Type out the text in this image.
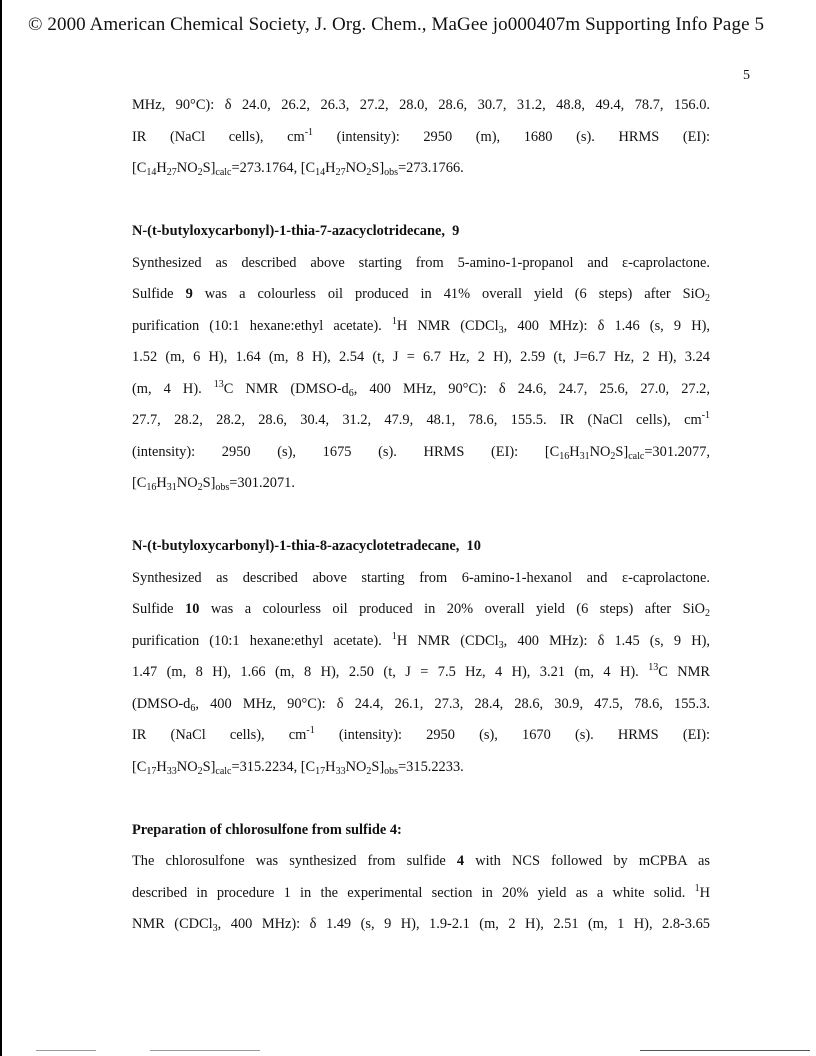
© 2000 American Chemical Society, J. Org. Chem., MaGee jo000407m Supporting Info Page 5
5
MHz, 90°C): δ 24.0, 26.2, 26.3, 27.2, 28.0, 28.6, 30.7, 31.2, 48.8, 49.4, 78.7, 156.0.
IR (NaCl cells), $cm^{-1}$ (intensity): 2950 (m), 1680 (s). HRMS (EI):
$[C_{14}H_{27}NO_2S]_{calc}=273.1764$, $[C_{14}H_{27}NO_2S]_{obs}=273.1766$.
N-(t-butyloxycarbonyl)-1-thia-7-azacyclotridecane, 9
Synthesized as described above starting from 5-amino-1-propanol and ε-caprolactone.
Sulfide 9 was a colourless oil produced in 41% overall yield (6 steps) after SiO$_2$
purification (10:1 hexane:ethyl acetate). $^1$H NMR (CDCl$_3$, 400 MHz): δ 1.46 (s, 9 H),
1.52 (m, 6 H), 1.64 (m, 8 H), 2.54 (t, J = 6.7 Hz, 2 H), 2.59 (t, J=6.7 Hz, 2 H), 3.24
(m, 4 H). $^{13}$C NMR ($DMSO-d_6$, 400 MHz, 90°C): δ 24.6, 24.7, 25.6, 27.0, 27.2,
27.7, 28.2, 28.2, 28.6, 30.4, 31.2, 47.9, 48.1, 78.6, 155.5. IR (NaCl cells), $cm^{-1}$
(intensity): 2950 (s), 1675 (s). HRMS (EI): $[C_{16}H_{31}NO_2S]_{calc}=301.2077$,
$[C_{16}H_{31}NO_2S]_{obs}=301.2071$.
N-(t-butyloxycarbonyl)-1-thia-8-azacyclotetradecane, 10
Synthesized as described above starting from 6-amino-1-hexanol and ε-caprolactone.
Sulfide 10 was a colourless oil produced in 20% overall yield (6 steps) after SiO$_2$
purification (10:1 hexane:ethyl acetate). $^1$H NMR (CDCl$_3$, 400 MHz): δ 1.45 (s, 9 H),
1.47 (m, 8 H), 1.66 (m, 8 H), 2.50 (t, J = 7.5 Hz, 4 H), 3.21 (m, 4 H). $^{13}$C NMR
($DMSO-d_6$, 400 MHz, 90°C): δ 24.4, 26.1, 27.3, 28.4, 28.6, 30.9, 47.5, 78.6, 155.3.
IR (NaCl cells), $cm^{-1}$ (intensity): 2950 (s), 1670 (s). HRMS (EI):
$[C_{17}H_{33}NO_2S]_{calc}=315.2234$, $[C_{17}H_{33}NO_2S]_{obs}=315.2233$.
Preparation of chlorosulfone from sulfide 4:
The chlorosulfone was synthesized from sulfide 4 with NCS followed by mCPBA as
described in procedure 1 in the experimental section in 20% yield as a white solid. $^1$H
NMR (CDCl$_3$, 400 MHz): δ 1.49 (s, 9 H), 1.9-2.1 (m, 2 H), 2.51 (m, 1 H), 2.8-3.65
